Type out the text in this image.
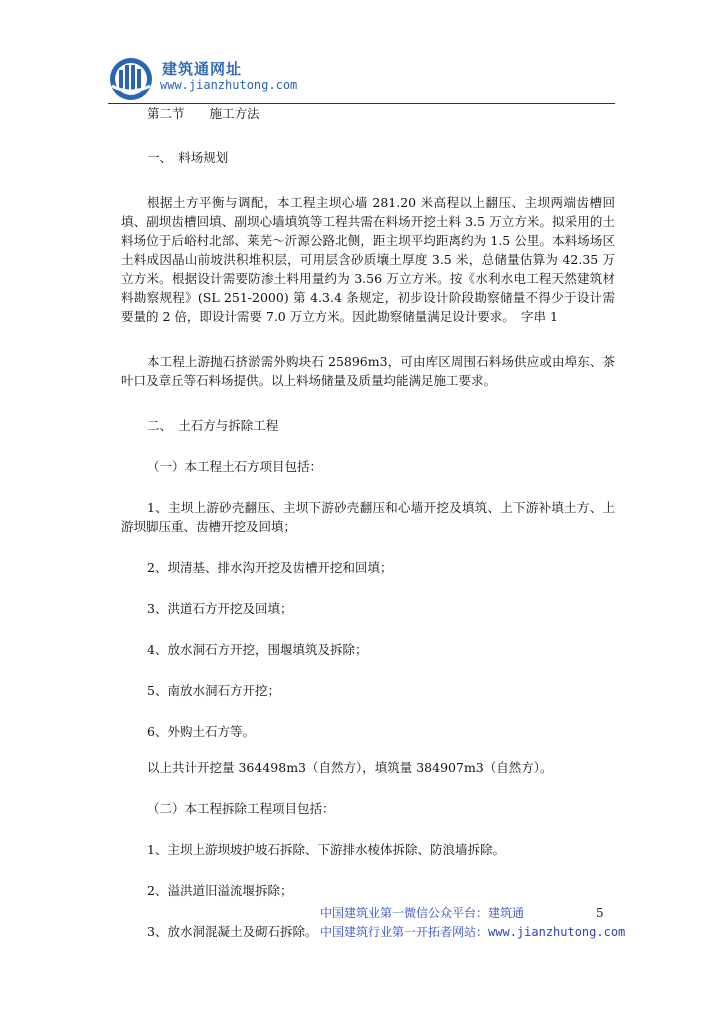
建筑通网址
www.jianzhutong.com

第二节　　施工方法

一、　料场规划

根据土方平衡与调配，本工程主坝心墙 281.20 米高程以上翻压、主坝两端齿槽回填、副坝齿槽回填、副坝心墙填筑等工程共需在料场开挖土料 3.5 万立方米。拟采用的土料场位于后峪村北部、莱芜～沂源公路北侧，距主坝平均距离约为 1.5 公里。本料场场区土料成因晶山前坡洪积堆积层，可用层含砂质壤土厚度 3.5 米，总储量估算为 42.35 万立方米。根据设计需要防渗土料用量约为 3.56 万立方米。按《水利水电工程天然建筑材料勘察规程》(SL 251-2000) 第 4.3.4 条规定，初步设计阶段勘察储量不得少于设计需要量的 2 倍，即设计需要 7.0 万立方米。因此勘察储量满足设计要求。　字串 1

本工程上游抛石挤淤需外购块石 25896m3，可由库区周围石料场供应或由埠东、茶叶口及章丘等石料场提供。以上料场储量及质量均能满足施工要求。

二、　土石方与拆除工程

（一）本工程土石方项目包括：

1、主坝上游砂壳翻压、主坝下游砂壳翻压和心墙开挖及填筑、上下游补填土方、上游坝脚压重、齿槽开挖及回填；

2、坝清基、排水沟开挖及齿槽开挖和回填；

3、洪道石方开挖及回填；

4、放水洞石方开挖，围堰填筑及拆除；

5、南放水洞石方开挖；

6、外购土石方等。

以上共计开挖量 364498m3（自然方），填筑量 384907m3（自然方）。

（二）本工程拆除工程项目包括：

1、主坝上游坝坡护坡石拆除、下游排水棱体拆除、防浪墙拆除。

2、溢洪道旧溢流堰拆除；

3、放水洞混凝土及砌石拆除。

中国建筑业第一微信公众平台：建筑通
中国建筑行业第一开拓者网站：www.jianzhutong.com
5
